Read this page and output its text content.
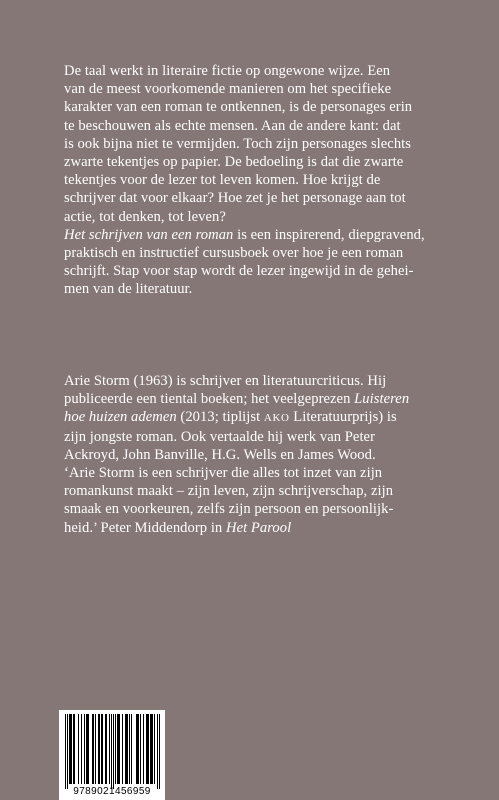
De taal werkt in literaire fictie op ongewone wijze. Een
van de meest voorkomende manieren om het specifieke
karakter van een roman te ontkennen, is de personages erin
te beschouwen als echte mensen. Aan de andere kant: dat
is ook bijna niet te vermijden. Toch zijn personages slechts
zwarte tekentjes op papier. De bedoeling is dat die zwarte
tekentjes voor de lezer tot leven komen. Hoe krijgt de
schrijver dat voor elkaar? Hoe zet je het personage aan tot
actie, tot denken, tot leven?
Het schrijven van een roman is een inspirerend, diepgravend,
praktisch en instructief cursusboek over hoe je een roman
schrijft. Stap voor stap wordt de lezer ingewijd in de gehei-
men van de literatuur.
Arie Storm (1963) is schrijver en literatuurcriticus. Hij
publiceerde een tiental boeken; het veelgeprezen Luisteren
hoe huizen ademen (2013; tiplijst AKO Literatuurprijs) is
zijn jongste roman. Ook vertaalde hij werk van Peter
Ackroyd, John Banville, H.G. Wells en James Wood.
‘Arie Storm is een schrijver die alles tot inzet van zijn
romankunst maakt – zijn leven, zijn schrijverschap, zijn
smaak en voorkeuren, zelfs zijn persoon en persoonlijk-
heid.’ Peter Middendorp in Het Parool
9789021456959
